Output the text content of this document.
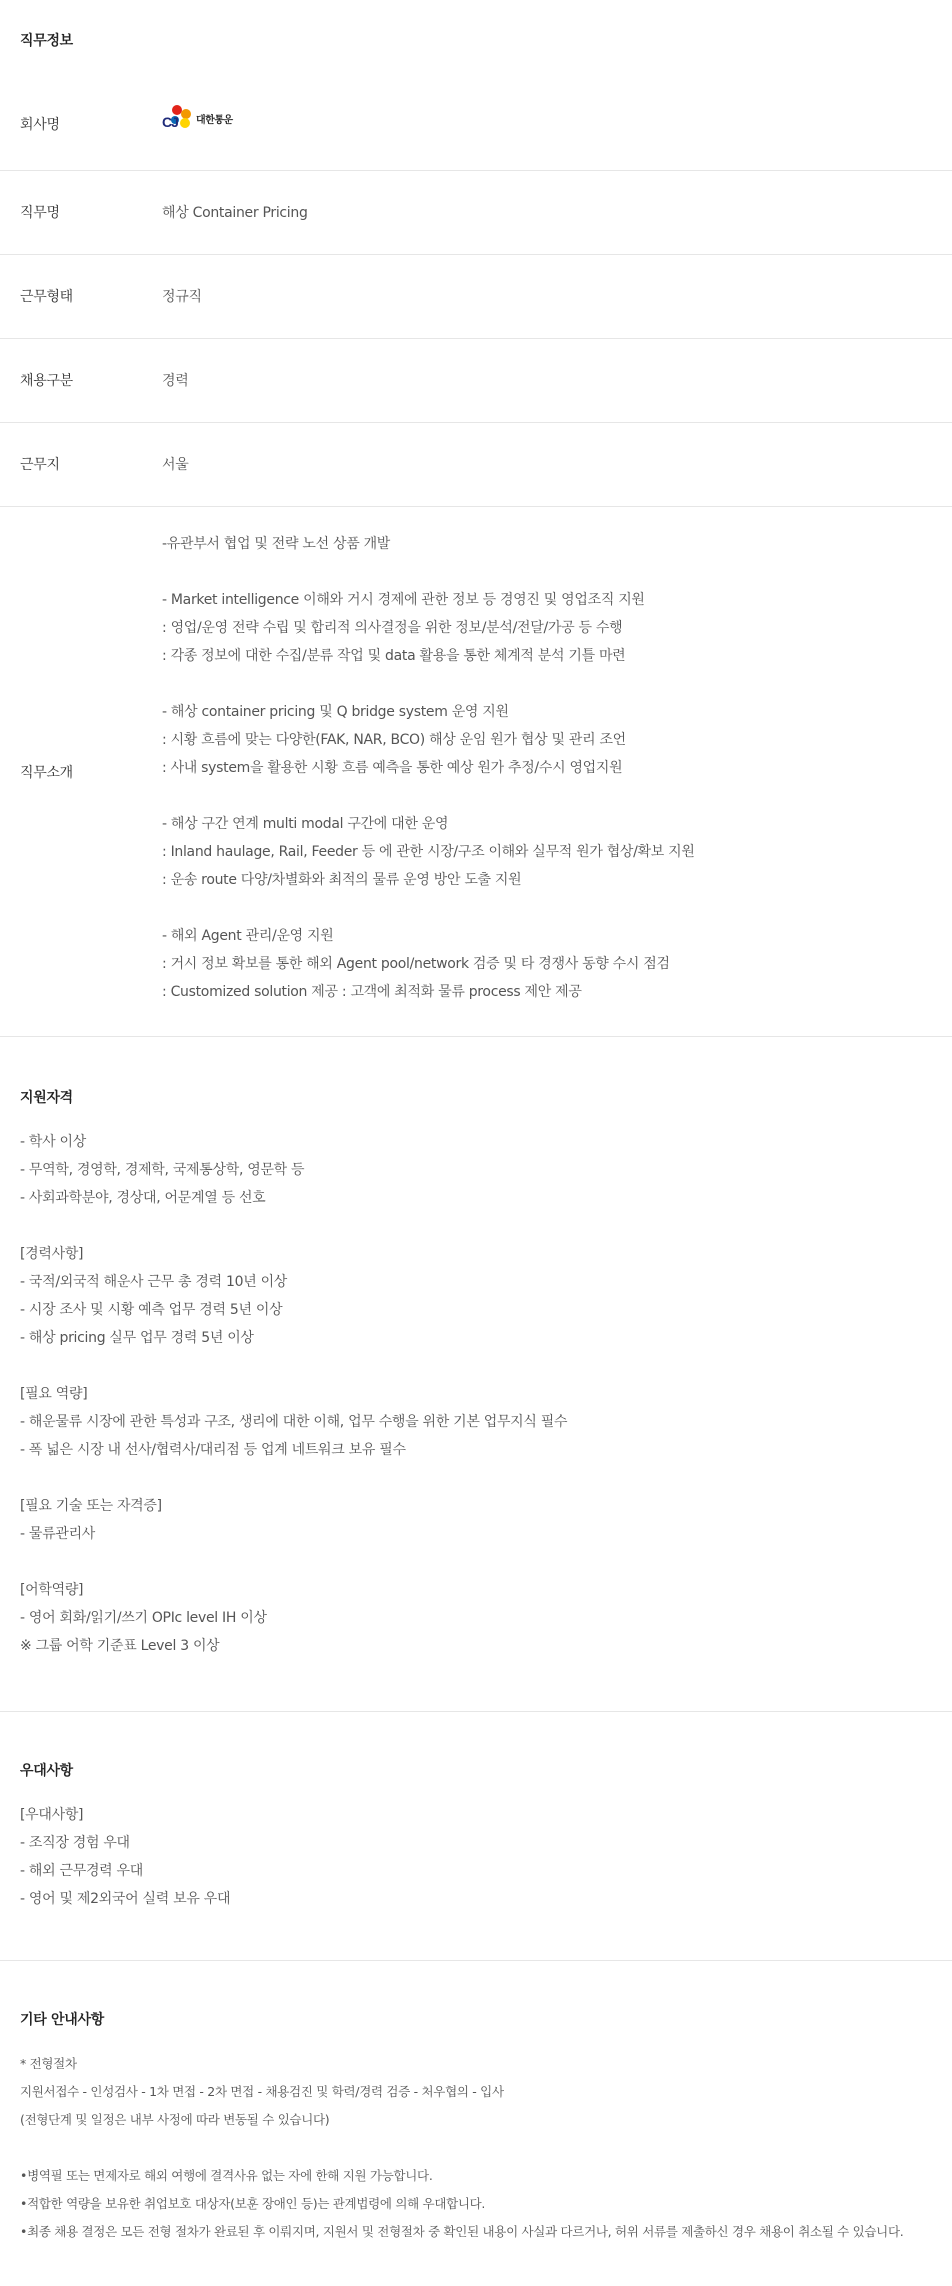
직무정보
회사명	CJ 대한통운
직무명	해상 Container Pricing
근무형태	정규직
채용구분	경력
근무지	서울
직무소개
-유관부서 협업 및 전략 노선 상품 개발
- Market intelligence 이해와 거시 경제에 관한 정보 등 경영진 및 영업조직 지원
: 영업/운영 전략 수립 및 합리적 의사결정을 위한 정보/분석/전달/가공 등 수행
: 각종 정보에 대한 수집/분류 작업 및 data 활용을 통한 체계적 분석 기틀 마련
- 해상 container pricing 및 Q bridge system 운영 지원
: 시황 흐름에 맞는 다양한(FAK, NAR, BCO) 해상 운임 원가 협상 및 관리 조언
: 사내 system을 활용한 시황 흐름 예측을 통한 예상 원가 추정/수시 영업지원
- 해상 구간 연계 multi modal 구간에 대한 운영
: Inland haulage, Rail, Feeder 등 에 관한 시장/구조 이해와 실무적 원가 협상/확보 지원
: 운송 route 다양/차별화와 최적의 물류 운영 방안 도출 지원
- 해외 Agent 관리/운영 지원
: 거시 정보 확보를 통한 해외 Agent pool/network 검증 및 타 경쟁사 동향 수시 점검
: Customized solution 제공 : 고객에 최적화 물류 process 제안 제공
지원자격
- 학사 이상
- 무역학, 경영학, 경제학, 국제통상학, 영문학 등
- 사회과학분야, 경상대, 어문계열 등 선호
[경력사항]
- 국적/외국적 해운사 근무 총 경력 10년 이상
- 시장 조사 및 시황 예측 업무 경력 5년 이상
- 해상 pricing 실무 업무 경력 5년 이상
[필요 역량]
- 해운물류 시장에 관한 특성과 구조, 생리에 대한 이해, 업무 수행을 위한 기본 업무지식 필수
- 폭 넓은 시장 내 선사/협력사/대리점 등 업계 네트워크 보유 필수
[필요 기술 또는 자격증]
- 물류관리사
[어학역량]
- 영어 회화/읽기/쓰기 OPIc level IH 이상
※ 그룹 어학 기준표 Level 3 이상
우대사항
[우대사항]
- 조직장 경험 우대
- 해외 근무경력 우대
- 영어 및 제2외국어 실력 보유 우대
기타 안내사항
* 전형절차
지원서접수 - 인성검사 - 1차 면접 - 2차 면접 - 채용검진 및 학력/경력 검증 - 처우협의 - 입사
(전형단계 및 일정은 내부 사정에 따라 변동될 수 있습니다)
•병역필 또는 면제자로 해외 여행에 결격사유 없는 자에 한해 지원 가능합니다.
•적합한 역량을 보유한 취업보호 대상자(보훈 장애인 등)는 관계법령에 의해 우대합니다.
•최종 채용 결정은 모든 전형 절차가 완료된 후 이뤄지며, 지원서 및 전형절차 중 확인된 내용이 사실과 다르거나, 허위 서류를 제출하신 경우 채용이 취소될 수 있습니다.
